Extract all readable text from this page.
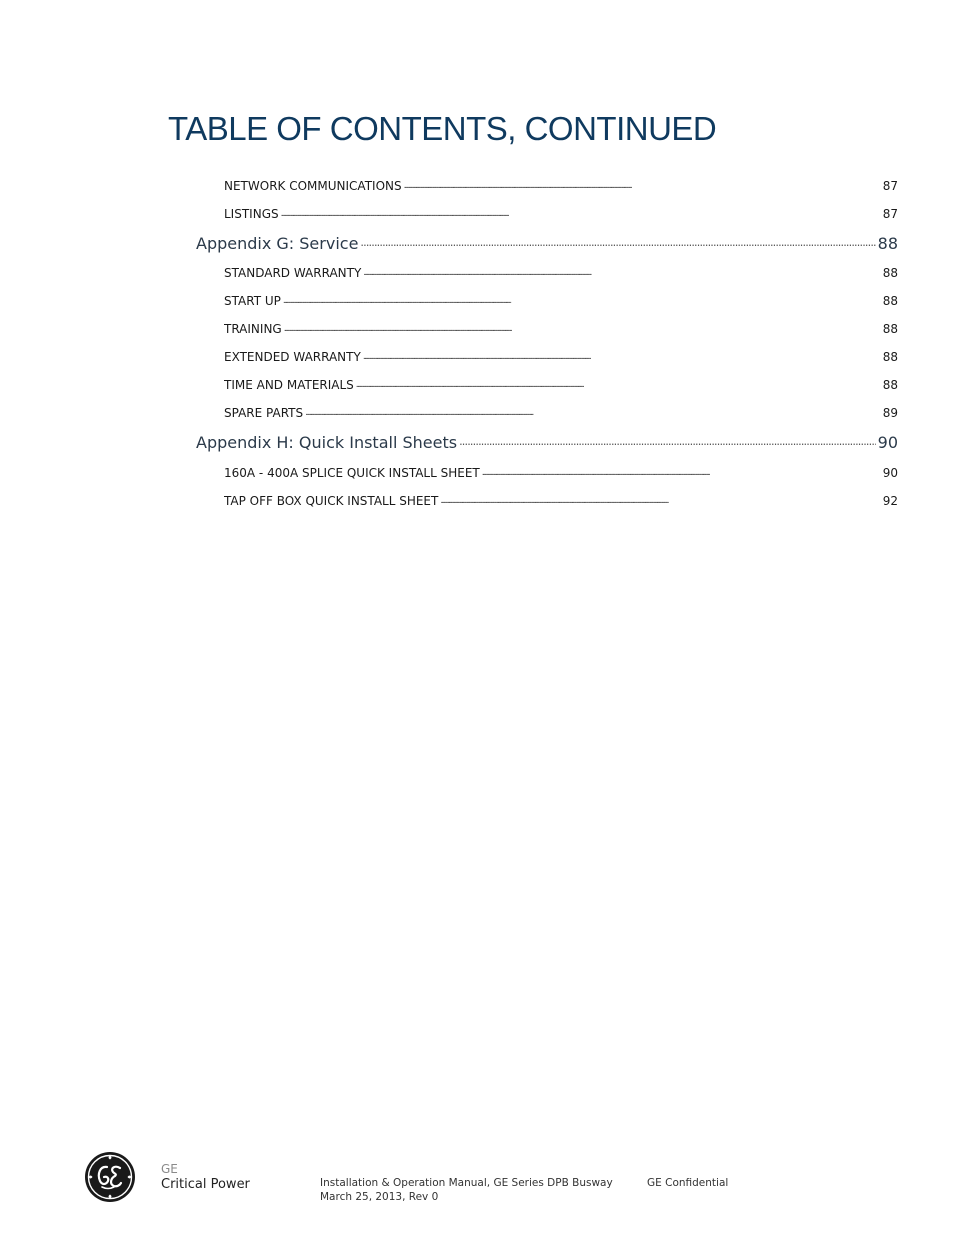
TABLE OF CONTENTS, CONTINUED
NETWORK COMMUNICATIONS . . .	87
LISTINGS . . .	87
Appendix G: Service . . .	88
STANDARD WARRANTY . . .	88
START UP . . .	88
TRAINING . . .	88
EXTENDED WARRANTY . . .	88
TIME AND MATERIALS . . .	88
SPARE PARTS . . .	89
Appendix H: Quick Install Sheets . . .	90
160A - 400A SPLICE QUICK INSTALL SHEET . . .	90
TAP OFF BOX QUICK INSTALL SHEET . . .	92
GE
Critical Power	Installation & Operation Manual, GE Series DPB Busway
March 25, 2013, Rev 0
GE Confidential
